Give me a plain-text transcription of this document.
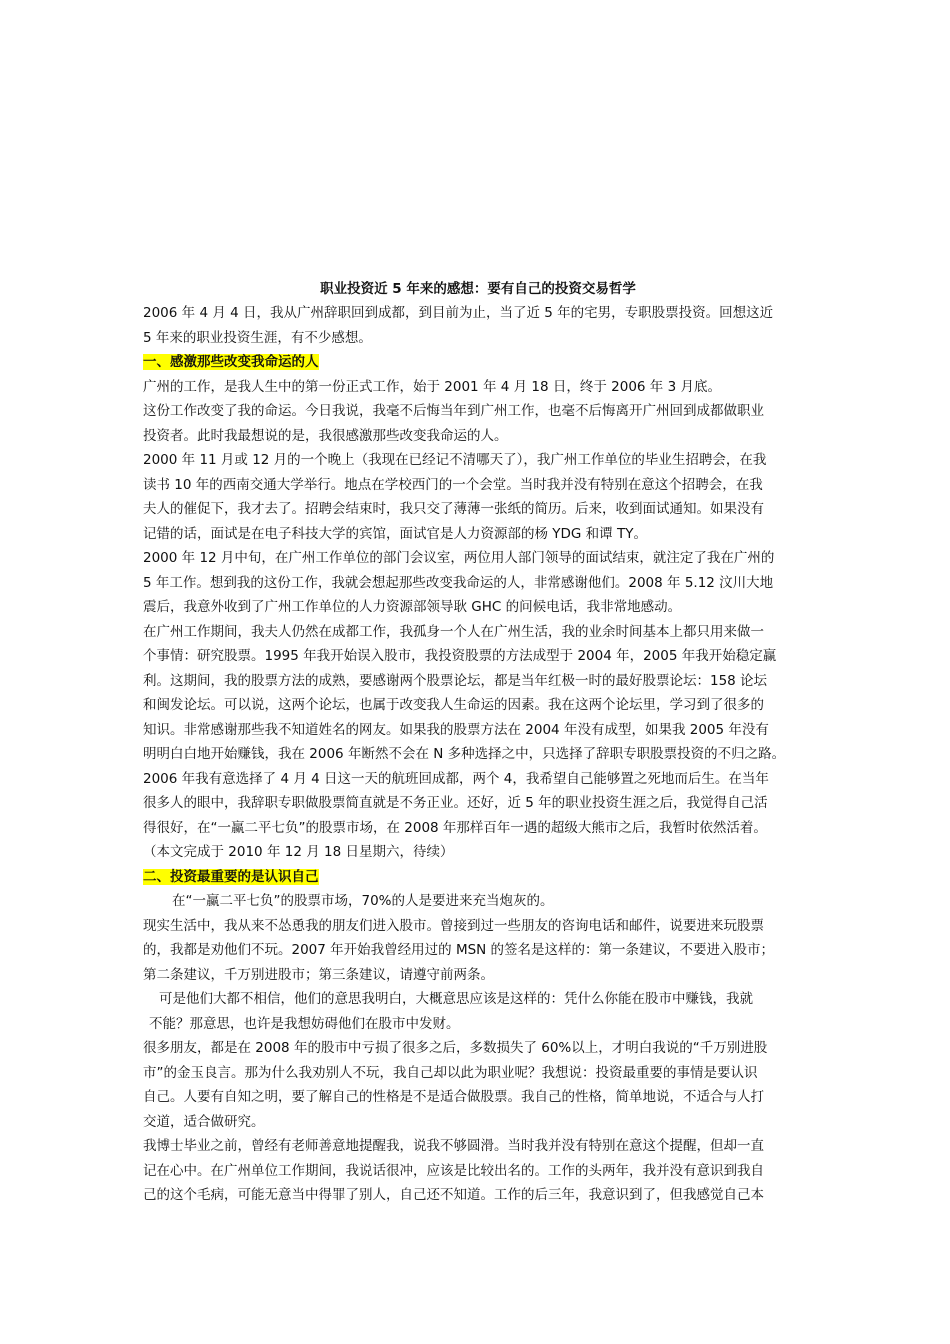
职业投资近 5 年来的感想：要有自己的投资交易哲学
2006 年 4 月 4 日，我从广州辞职回到成都，到目前为止，当了近 5 年的宅男，专职股票投资。回想这近
5 年来的职业投资生涯，有不少感想。
一、感激那些改变我命运的人
广州的工作，是我人生中的第一份正式工作，始于 2001 年 4 月 18 日，终于 2006 年 3 月底。
这份工作改变了我的命运。今日我说，我毫不后悔当年到广州工作，也毫不后悔离开广州回到成都做职业
投资者。此时我最想说的是，我很感激那些改变我命运的人。
2000 年 11 月或 12 月的一个晚上（我现在已经记不清哪天了），我广州工作单位的毕业生招聘会，在我
读书 10 年的西南交通大学举行。地点在学校西门的一个会堂。当时我并没有特别在意这个招聘会，在我
夫人的催促下，我才去了。招聘会结束时，我只交了薄薄一张纸的简历。后来，收到面试通知。如果没有
记错的话，面试是在电子科技大学的宾馆，面试官是人力资源部的杨 YDG 和谭 TY。
2000 年 12 月中旬，在广州工作单位的部门会议室，两位用人部门领导的面试结束，就注定了我在广州的
5 年工作。想到我的这份工作，我就会想起那些改变我命运的人，非常感谢他们。2008 年 5.12 汶川大地
震后，我意外收到了广州工作单位的人力资源部领导耿 GHC 的问候电话，我非常地感动。
在广州工作期间，我夫人仍然在成都工作，我孤身一个人在广州生活，我的业余时间基本上都只用来做一
个事情：研究股票。1995 年我开始误入股市，我投资股票的方法成型于 2004 年，2005 年我开始稳定赢
利。这期间，我的股票方法的成熟，要感谢两个股票论坛，都是当年红极一时的最好股票论坛：158 论坛
和闽发论坛。可以说，这两个论坛，也属于改变我人生命运的因素。我在这两个论坛里，学习到了很多的
知识。非常感谢那些我不知道姓名的网友。如果我的股票方法在 2004 年没有成型，如果我 2005 年没有
明明白白地开始赚钱，我在 2006 年断然不会在 N 多种选择之中，只选择了辞职专职股票投资的不归之路。
2006 年我有意选择了 4 月 4 日这一天的航班回成都，两个 4，我希望自己能够置之死地而后生。在当年
很多人的眼中，我辞职专职做股票简直就是不务正业。还好，近 5 年的职业投资生涯之后，我觉得自己活
得很好，在“一赢二平七负”的股票市场，在 2008 年那样百年一遇的超级大熊市之后，我暂时依然活着。
（本文完成于 2010 年 12 月 18 日星期六，待续）
二、投资最重要的是认识自己
在“一赢二平七负”的股票市场，70%的人是要进来充当炮灰的。
现实生活中，我从来不怂恿我的朋友们进入股市。曾接到过一些朋友的咨询电话和邮件，说要进来玩股票
的，我都是劝他们不玩。2007 年开始我曾经用过的 MSN 的签名是这样的：第一条建议，不要进入股市；
第二条建议，千万别进股市；第三条建议，请遵守前两条。
可是他们大都不相信，他们的意思我明白，大概意思应该是这样的：凭什么你能在股市中赚钱，我就
不能？那意思，也许是我想妨碍他们在股市中发财。
很多朋友，都是在 2008 年的股市中亏损了很多之后，多数损失了 60%以上，才明白我说的“千万别进股
市”的金玉良言。那为什么我劝别人不玩，我自己却以此为职业呢？我想说：投资最重要的事情是要认识
自己。人要有自知之明，要了解自己的性格是不是适合做股票。我自己的性格，简单地说，不适合与人打
交道，适合做研究。
我博士毕业之前，曾经有老师善意地提醒我，说我不够圆滑。当时我并没有特别在意这个提醒，但却一直
记在心中。在广州单位工作期间，我说话很冲，应该是比较出名的。工作的头两年，我并没有意识到我自
己的这个毛病，可能无意当中得罪了别人，自己还不知道。工作的后三年，我意识到了，但我感觉自己本
